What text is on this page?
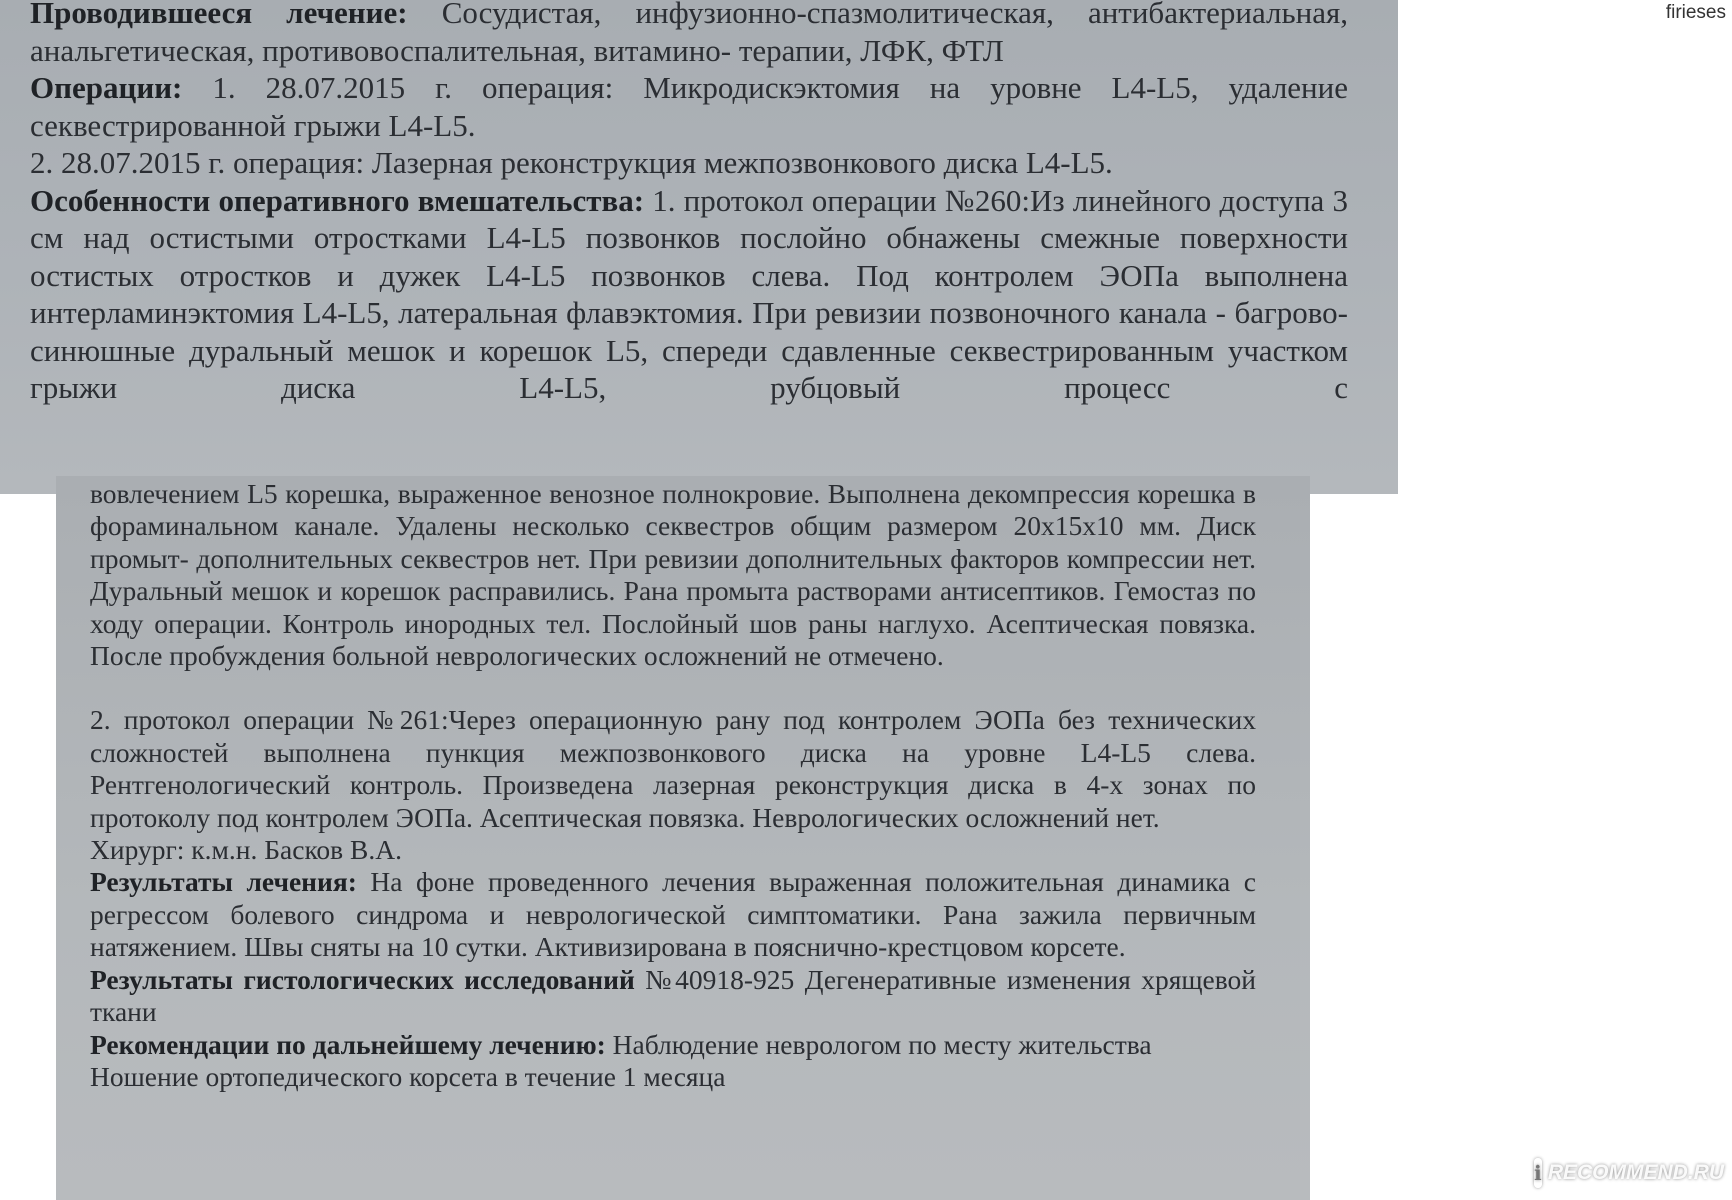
Проводившееся лечение: Сосудистая, инфузионно-спазмолитическая, антибактериальная, анальгетическая, противовоспалительная, витамино- терапии, ЛФК, ФТЛ

Операции: 1. 28.07.2015 г. операция: Микродискэктомия на уровне L4-L5, удаление секвестрированной грыжи L4-L5.

2. 28.07.2015 г. операция: Лазерная реконструкция межпозвонкового диска L4-L5.

Особенности оперативного вмешательства: 1. протокол операции №260:Из линейного доступа 3 см над остистыми отростками L4-L5 позвонков послойно обнажены смежные поверхности остистых отростков и дужек L4-L5 позвонков слева. Под контролем ЭОПа выполнена интерламинэктомия L4-L5, латеральная флавэктомия. При ревизии позвоночного канала - багрово-синюшные дуральный мешок и корешок L5, спереди сдавленные секвестрированным участком грыжи диска L4-L5, рубцовый процесс с

вовлечением L5 корешка, выраженное венозное полнокровие. Выполнена декомпрессия корешка в фораминальном канале. Удалены несколько секвестров общим размером 20х15х10 мм. Диск промыт- дополнительных секвестров нет. При ревизии дополнительных факторов компрессии нет. Дуральный мешок и корешок расправились. Рана промыта растворами антисептиков. Гемостаз по ходу операции. Контроль инородных тел. Послойный шов раны наглухо. Асептическая повязка. После пробуждения больной неврологических осложнений не отмечено.

2. протокол операции №261:Через операционную рану под контролем ЭОПа без технических сложностей выполнена пункция межпозвонкового диска на уровне L4-L5 слева. Рентгенологический контроль. Произведена лазерная реконструкция диска в 4-х зонах по протоколу под контролем ЭОПа. Асептическая повязка. Неврологических осложнений нет.

Хирург: к.м.н. Басков В.А.

Результаты лечения: На фоне проведенного лечения выраженная положительная динамика с регрессом болевого синдрома и неврологической симптоматики. Рана зажила первичным натяжением. Швы сняты на 10 сутки. Активизирована в пояснично-крестцовом корсете.

Результаты гистологических исследований №40918-925 Дегенеративные изменения хрящевой ткани

Рекомендации по дальнейшему лечению: Наблюдение неврологом по месту жительства

Ношение ортопедического корсета в течение 1 месяца

firieses
ℹ RECOMMEND.RU
